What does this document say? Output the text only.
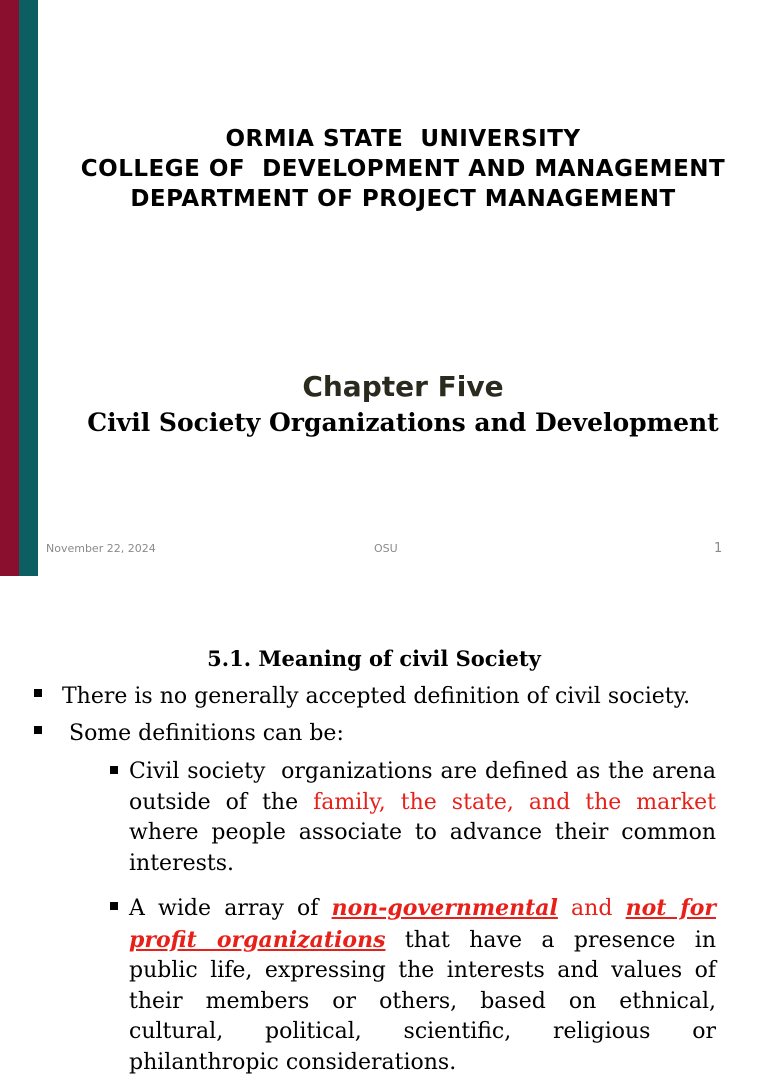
ORMIA STATE  UNIVERSITY
COLLEGE OF  DEVELOPMENT AND MANAGEMENT
DEPARTMENT OF PROJECT MANAGEMENT
Chapter Five
Civil Society Organizations and Development
November 22, 2024	OSU	1
5.1. Meaning of civil Society
There is no generally accepted definition of civil society.
Some definitions can be:
Civil society  organizations are defined as the arena outside of the family, the state, and the market where people associate to advance their common interests.
A wide array of non-governmental and not for profit organizations that have a presence in public life, expressing the interests and values of their members or others, based on ethnical, cultural, political, scientific, religious or philanthropic considerations.
